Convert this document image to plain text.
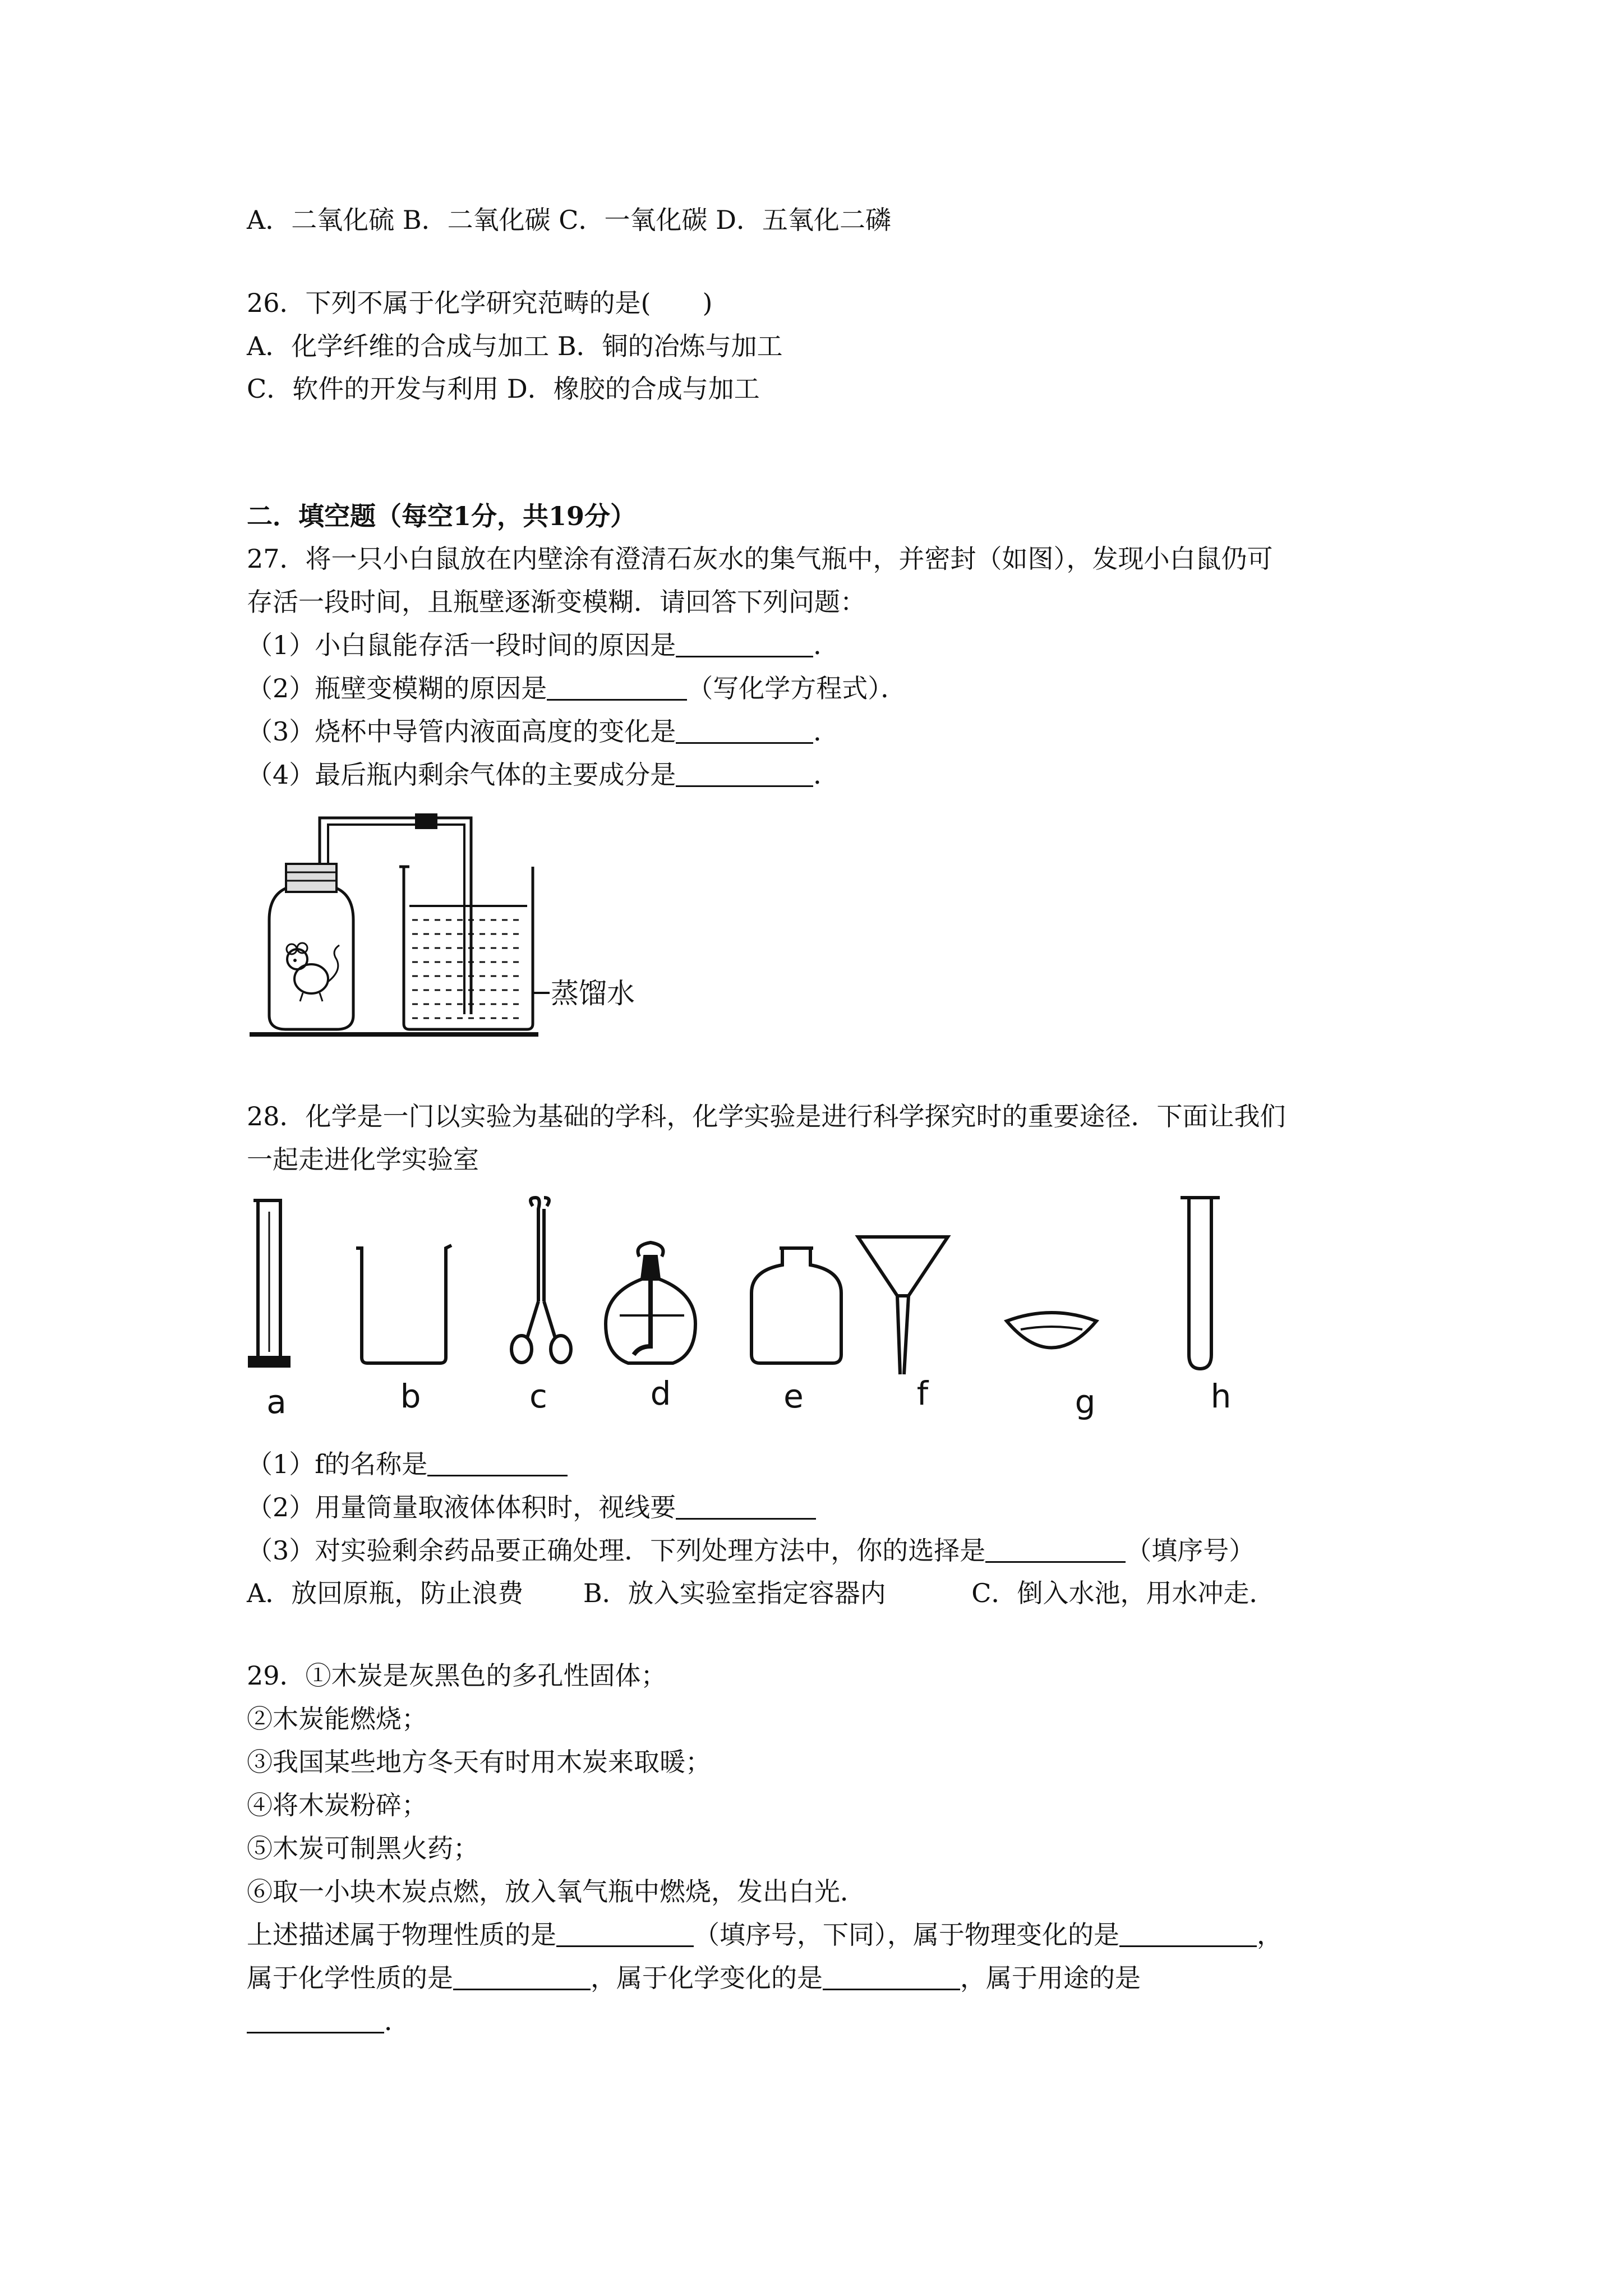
A．二氧化硫 B．二氧化碳 C．一氧化碳 D．五氧化二磷
26．下列不属于化学研究范畴的是(　　)
A．化学纤维的合成与加工 B．铜的冶炼与加工
C．软件的开发与利用 D．橡胶的合成与加工
二．填空题（每空1分，共19分）
27．将一只小白鼠放在内壁涂有澄清石灰水的集气瓶中，并密封（如图），发现小白鼠仍可
存活一段时间，且瓶壁逐渐变模糊．请回答下列问题：
（1）小白鼠能存活一段时间的原因是	．
（2）瓶壁变模糊的原因是	（写化学方程式）．
（3）烧杯中导管内液面高度的变化是	．
（4）最后瓶内剩余气体的主要成分是	．
蒸馏水
28．化学是一门以实验为基础的学科，化学实验是进行科学探究时的重要途径．下面让我们
一起走进化学实验室
a	b	c	d	e	f	g	h
（1）f的名称是
（2）用量筒量取液体体积时，视线要
（3）对实验剩余药品要正确处理．下列处理方法中，你的选择是	（填序号）
A．放回原瓶，防止浪费　　 B．放入实验室指定容器内　　　 C．倒入水池，用水冲走．
29．①木炭是灰黑色的多孔性固体；
②木炭能燃烧；
③我国某些地方冬天有时用木炭来取暖；
④将木炭粉碎；
⑤木炭可制黑火药；
⑥取一小块木炭点燃，放入氧气瓶中燃烧，发出白光．
上述描述属于物理性质的是	（填序号，下同），属于物理变化的是	，
属于化学性质的是	，属于化学变化的是	，属于用途的是
．
